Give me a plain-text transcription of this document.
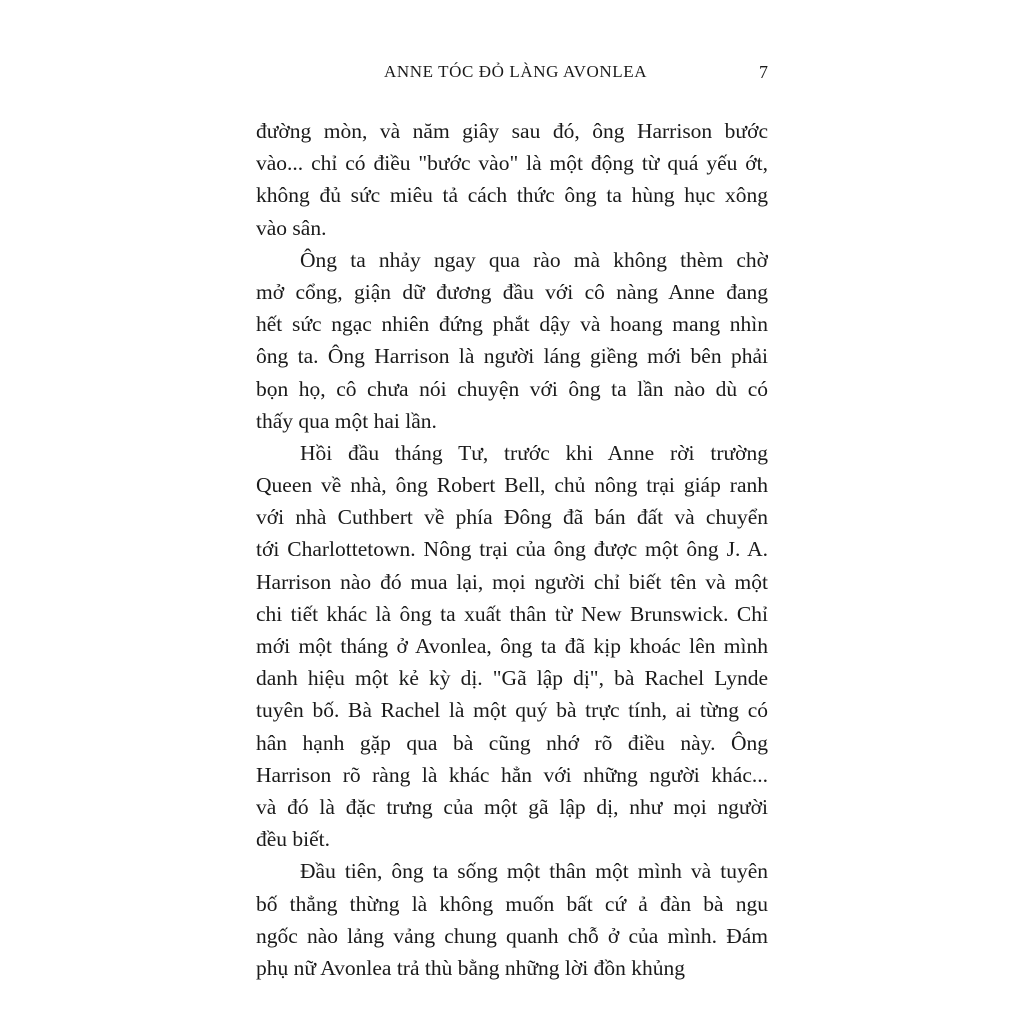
ANNE TÓC ĐỎ LÀNG AVONLEA	7
đường mòn, và năm giây sau đó, ông Harrison bước
vào... chỉ có điều "bước vào" là một động từ quá yếu ớt,
không đủ sức miêu tả cách thức ông ta hùng hục xông
vào sân.
Ông ta nhảy ngay qua rào mà không thèm chờ
mở cổng, giận dữ đương đầu với cô nàng Anne đang
hết sức ngạc nhiên đứng phắt dậy và hoang mang nhìn
ông ta. Ông Harrison là người láng giềng mới bên phải
bọn họ, cô chưa nói chuyện với ông ta lần nào dù có
thấy qua một hai lần.
Hồi đầu tháng Tư, trước khi Anne rời trường
Queen về nhà, ông Robert Bell, chủ nông trại giáp ranh
với nhà Cuthbert về phía Đông đã bán đất và chuyển
tới Charlottetown. Nông trại của ông được một ông J. A.
Harrison nào đó mua lại, mọi người chỉ biết tên và một
chi tiết khác là ông ta xuất thân từ New Brunswick. Chỉ
mới một tháng ở Avonlea, ông ta đã kịp khoác lên mình
danh hiệu một kẻ kỳ dị. "Gã lập dị", bà Rachel Lynde
tuyên bố. Bà Rachel là một quý bà trực tính, ai từng có
hân hạnh gặp qua bà cũng nhớ rõ điều này. Ông
Harrison rõ ràng là khác hẳn với những người khác...
và đó là đặc trưng của một gã lập dị, như mọi người
đều biết.
Đầu tiên, ông ta sống một thân một mình và tuyên
bố thẳng thừng là không muốn bất cứ ả đàn bà ngu
ngốc nào lảng vảng chung quanh chỗ ở của mình. Đám
phụ nữ Avonlea trả thù bằng những lời đồn khủng
